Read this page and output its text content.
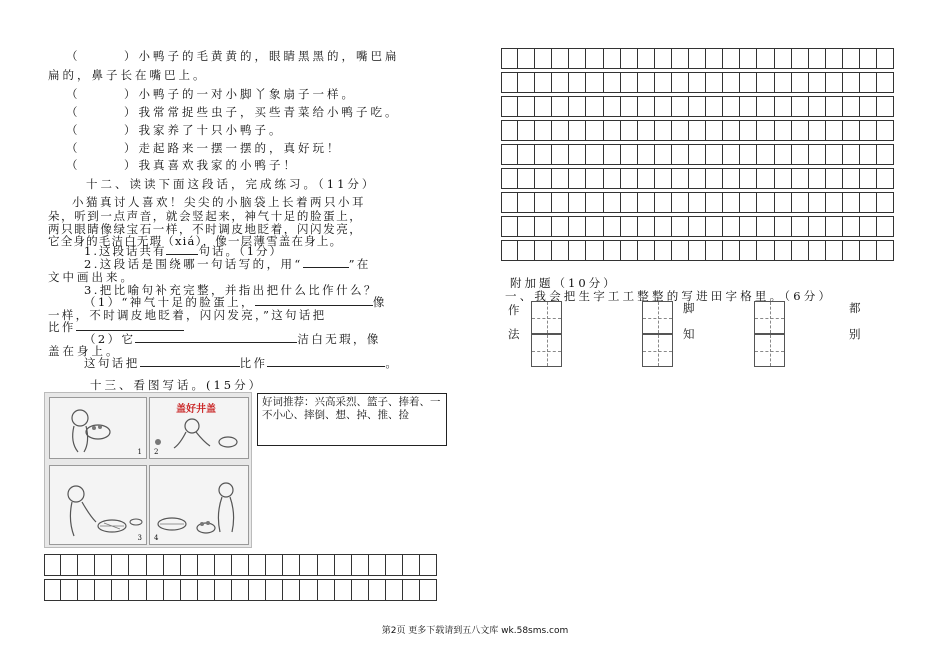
（　　　）小鸭子的毛黄黄的，眼睛黑黑的，嘴巴扁
扁的，鼻子长在嘴巴上。
（　　　）小鸭子的一对小脚丫象扇子一样。
（　　　）我常常捉些虫子，买些青菜给小鸭子吃。
（　　　）我家养了十只小鸭子。
（　　　）走起路来一摆一摆的，真好玩！
（　　　）我真喜欢我家的小鸭子！
十二、读读下面这段话，完成练习。（11分）
小猫真讨人喜欢！尖尖的小脑袋上长着两只小耳
朵，听到一点声音，就会竖起来，神气十足的脸蛋上，
两只眼睛像绿宝石一样，不时调皮地眨着，闪闪发亮，
它全身的毛洁白无瑕（xiá），像一层薄雪盖在身上。
1.这段话共有	句话。（1分）
2.这段话是围绕哪一句话写的，用“	”在
文中画出来。
3.把比喻句补充完整，并指出把什么比作什么？
（1）“神气十足的脸蛋上，	像
一样，不时调皮地眨着，闪闪发亮，”这句话把
比作
（2）它	洁白无瑕，像
盖在身上。
这句话把	比作	。
十三、看图写话。(15分）
1
盖好井盖
2
3 4
好词推荐：兴高采烈、篮子、捧着、一不小心、摔倒、想、掉、推、捡
附加题（10分）
一、我会把生字工工整整的写进田字格里。（6分）
作	脚	都
法	知	别
第2页 更多下载请到五八文库 wk.58sms.com
